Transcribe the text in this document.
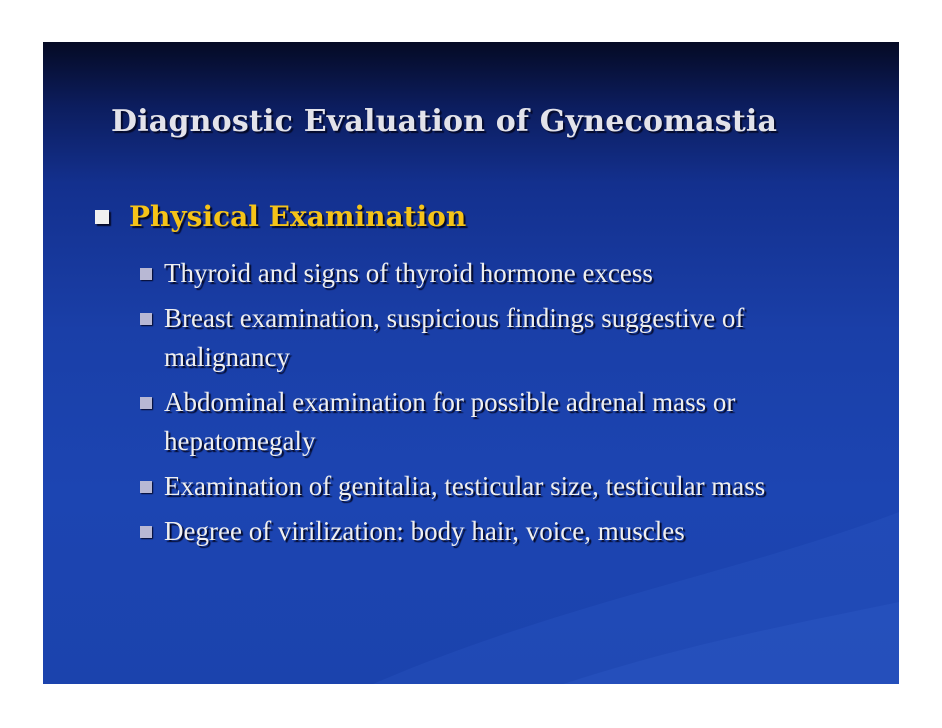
Diagnostic Evaluation of Gynecomastia
Physical Examination
Thyroid and signs of thyroid hormone excess
Breast examination, suspicious findings suggestive of malignancy
Abdominal examination for possible adrenal mass or hepatomegaly
Examination of genitalia, testicular size, testicular mass
Degree of virilization: body hair, voice, muscles
